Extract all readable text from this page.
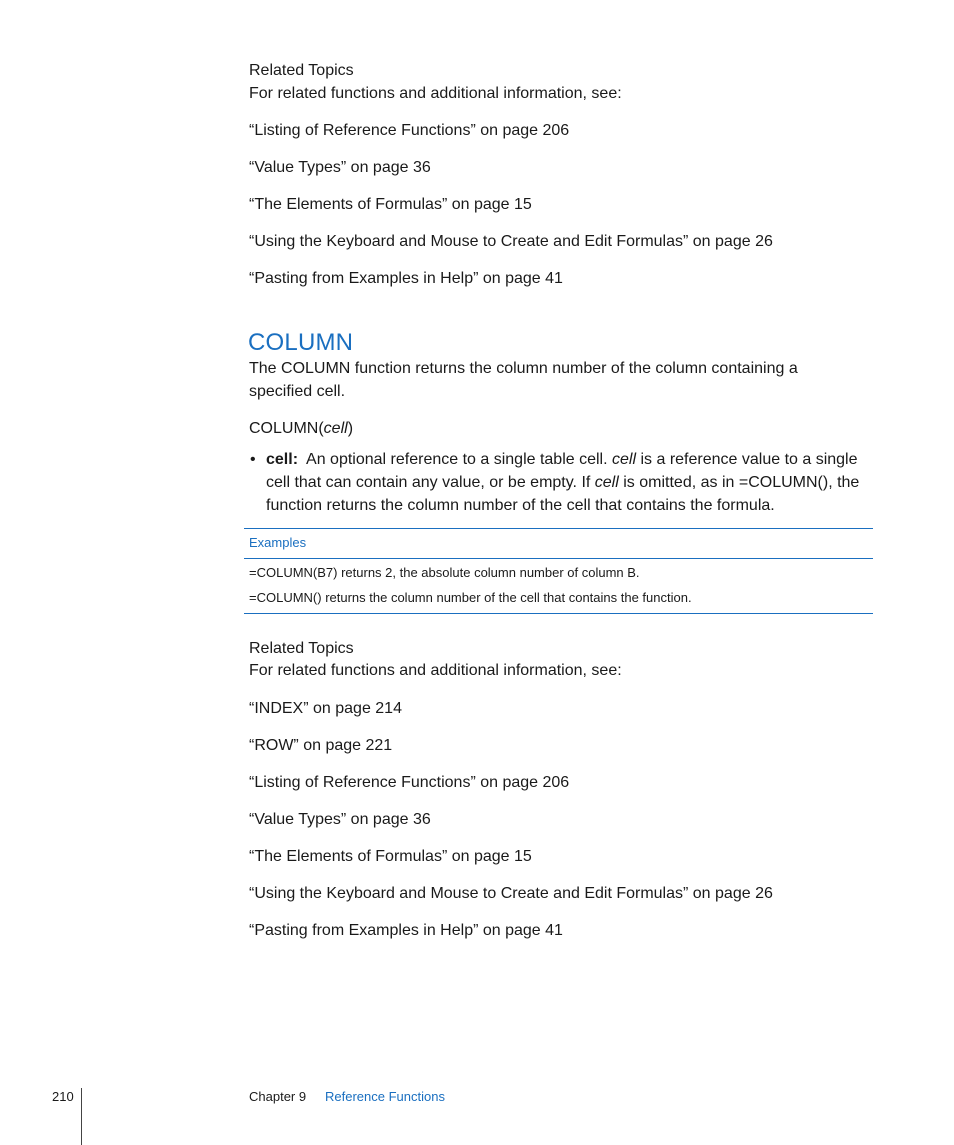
Related Topics
For related functions and additional information, see:
“Listing of Reference Functions” on page 206
“Value Types” on page 36
“The Elements of Formulas” on page 15
“Using the Keyboard and Mouse to Create and Edit Formulas” on page 26
“Pasting from Examples in Help” on page 41
COLUMN
The COLUMN function returns the column number of the column containing a
specified cell.
COLUMN(cell)
• cell: An optional reference to a single table cell. cell is a reference value to a single
cell that can contain any value, or be empty. If cell is omitted, as in =COLUMN(), the
function returns the column number of the cell that contains the formula.
Examples
=COLUMN(B7) returns 2, the absolute column number of column B.
=COLUMN() returns the column number of the cell that contains the function.
Related Topics
For related functions and additional information, see:
“INDEX” on page 214
“ROW” on page 221
“Listing of Reference Functions” on page 206
“Value Types” on page 36
“The Elements of Formulas” on page 15
“Using the Keyboard and Mouse to Create and Edit Formulas” on page 26
“Pasting from Examples in Help” on page 41
210	Chapter 9 Reference Functions
